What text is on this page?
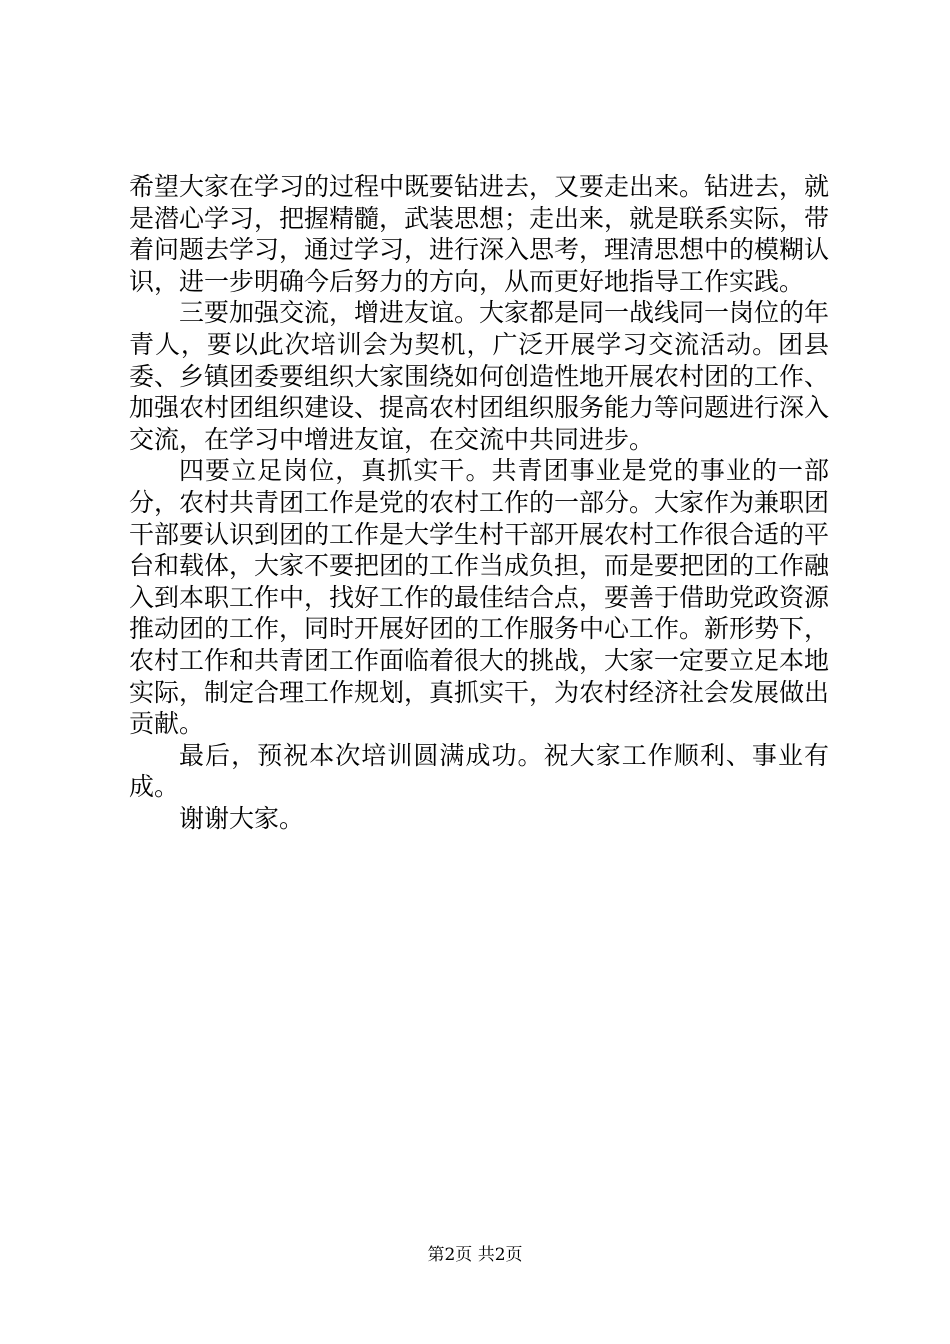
希望大家在学习的过程中既要钻进去，又要走出来。钻进去，就是潜心学习，把握精髓，武装思想；走出来，就是联系实际，带着问题去学习，通过学习，进行深入思考，理清思想中的模糊认识，进一步明确今后努力的方向，从而更好地指导工作实践。

三要加强交流，增进友谊。大家都是同一战线同一岗位的年青人，要以此次培训会为契机，广泛开展学习交流活动。团县委、乡镇团委要组织大家围绕如何创造性地开展农村团的工作、加强农村团组织建设、提高农村团组织服务能力等问题进行深入交流，在学习中增进友谊，在交流中共同进步。

四要立足岗位，真抓实干。共青团事业是党的事业的一部分，农村共青团工作是党的农村工作的一部分。大家作为兼职团干部要认识到团的工作是大学生村干部开展农村工作很合适的平台和载体，大家不要把团的工作当成负担，而是要把团的工作融入到本职工作中，找好工作的最佳结合点，要善于借助党政资源推动团的工作，同时开展好团的工作服务中心工作。新形势下，农村工作和共青团工作面临着很大的挑战，大家一定要立足本地实际，制定合理工作规划，真抓实干，为农村经济社会发展做出贡献。

最后，预祝本次培训圆满成功。祝大家工作顺利、事业有成。

谢谢大家。

第2页 共2页
